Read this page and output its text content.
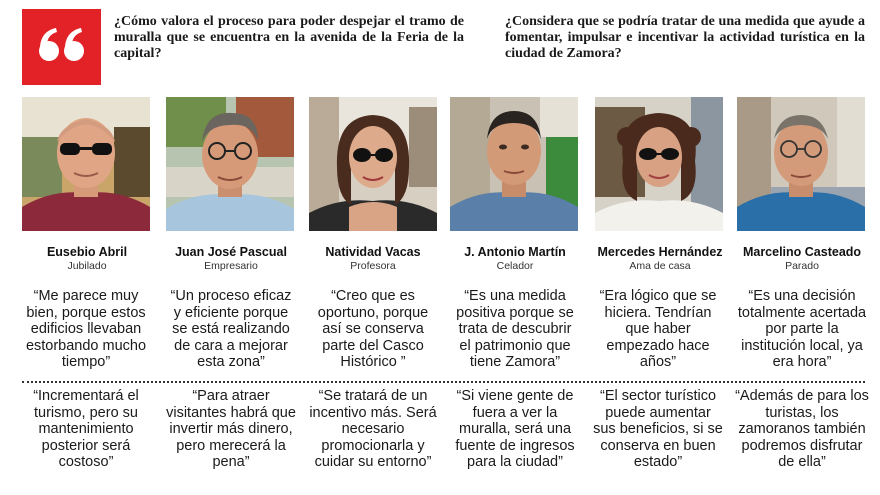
¿Cómo valora el proceso para poder despejar el tramo de muralla que se encuentra en la avenida de la Feria de la capital?
¿Considera que se podría tratar de una medida que ayude a fomentar, impulsar e incentivar la actividad turística en la ciudad de Zamora?
Eusebio Abril
Jubilado
Juan José Pascual
Empresario
Natividad Vacas
Profesora
J. Antonio Martín
Celador
Mercedes Hernández
Ama de casa
Marcelino Casteado
Parado
“Me parece muy bien, porque estos edificios llevaban estorbando mucho tiempo”
“Un proceso eficaz y eficiente porque se está realizando de cara a mejorar esta zona”
“Creo que es oportuno, porque así se conserva parte del Casco Histórico ”
“Es una medida positiva porque se trata de descubrir el patrimonio que tiene Zamora”
“Era lógico que se hiciera. Tendrían que haber empezado hace años”
“Es una decisión totalmente acertada por parte la institución local, ya era hora”
“Incrementará el turismo, pero su mantenimiento posterior será costoso”
“Para atraer visitantes habrá que invertir más dinero, pero merecerá la pena”
“Se tratará de un incentivo más. Será necesario promocionarla y cuidar su entorno”
“Si viene gente de fuera a ver la muralla, será una fuente de ingresos para la ciudad”
“El sector turístico puede aumentar sus beneficios, si se conserva en buen estado”
“Además de para los turistas, los zamoranos también podremos disfrutar de ella”
